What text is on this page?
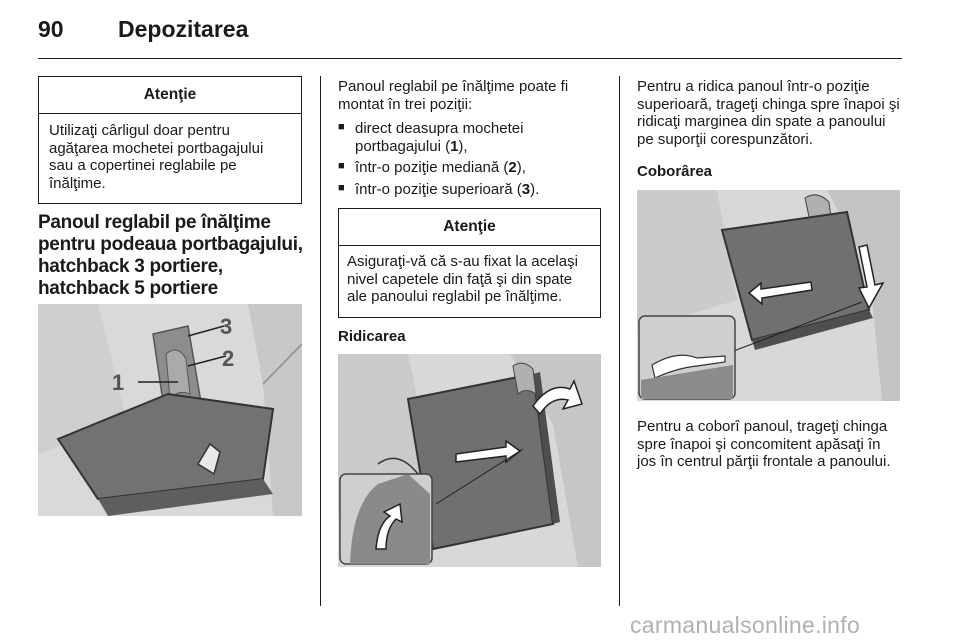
90 Depozitarea
Atenţie
Utilizaţi cârligul doar pentru agăţarea mochetei portbagajului sau a copertinei reglabile pe înălţime.
Panoul reglabil pe înălţime pentru podeaua portbagajului, hatchback 3 portiere, hatchback 5 portiere
1
2
3
Panoul reglabil pe înălţime poate fi montat în trei poziţii:
■ direct deasupra mochetei portbagajului (1),
■ într-o poziţie mediană (2),
■ într-o poziţie superioară (3).
Atenţie
Asiguraţi-vă că s-au fixat la acelaşi nivel capetele din faţă şi din spate ale panoului reglabil pe înălţime.
Ridicarea
Pentru a ridica panoul într-o poziţie superioară, trageţi chinga spre înapoi şi ridicaţi marginea din spate a panoului pe suporţii corespunzători.
Coborârea
Pentru a coborî panoul, trageţi chinga spre înapoi şi concomitent apăsaţi în jos în centrul părţii frontale a panoului.
carmanualsonline.info
